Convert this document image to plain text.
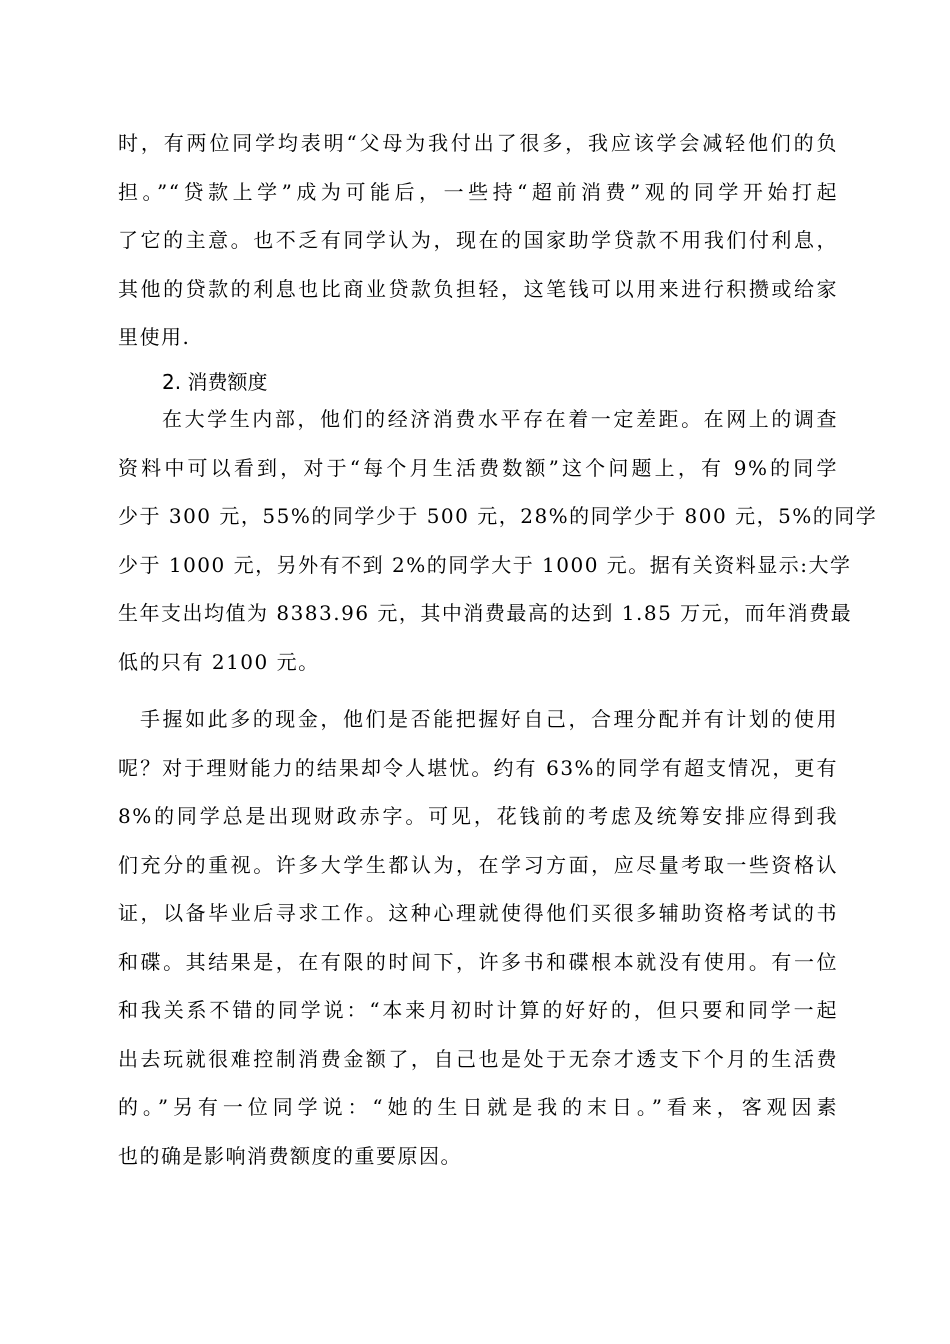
时，有两位同学均表明“父母为我付出了很多，我应该学会减轻他们的负
担。”“贷款上学”成为可能后，一些持“超前消费”观的同学开始打起
了它的主意。也不乏有同学认为，现在的国家助学贷款不用我们付利息，
其他的贷款的利息也比商业贷款负担轻，这笔钱可以用来进行积攒或给家
里使用.
2. 消费额度
在大学生内部，他们的经济消费水平存在着一定差距。在网上的调查
资料中可以看到，对于“每个月生活费数额”这个问题上，有 9%的同学
少于 300 元，55%的同学少于 500 元，28%的同学少于 800 元，5%的同学
少于 1000 元，另外有不到 2%的同学大于 1000 元。据有关资料显示:大学
生年支出均值为 8383.96 元，其中消费最高的达到 1.85 万元，而年消费最
低的只有 2100 元。
手握如此多的现金，他们是否能把握好自己，合理分配并有计划的使用
呢？对于理财能力的结果却令人堪忧。约有 63%的同学有超支情况，更有
8%的同学总是出现财政赤字。可见，花钱前的考虑及统筹安排应得到我
们充分的重视。许多大学生都认为，在学习方面，应尽量考取一些资格认
证，以备毕业后寻求工作。这种心理就使得他们买很多辅助资格考试的书
和碟。其结果是，在有限的时间下，许多书和碟根本就没有使用。有一位
和我关系不错的同学说：“本来月初时计算的好好的，但只要和同学一起
出去玩就很难控制消费金额了，自己也是处于无奈才透支下个月的生活费
的。”另有一位同学说：“她的生日就是我的末日。”看来，客观因素
也的确是影响消费额度的重要原因。
